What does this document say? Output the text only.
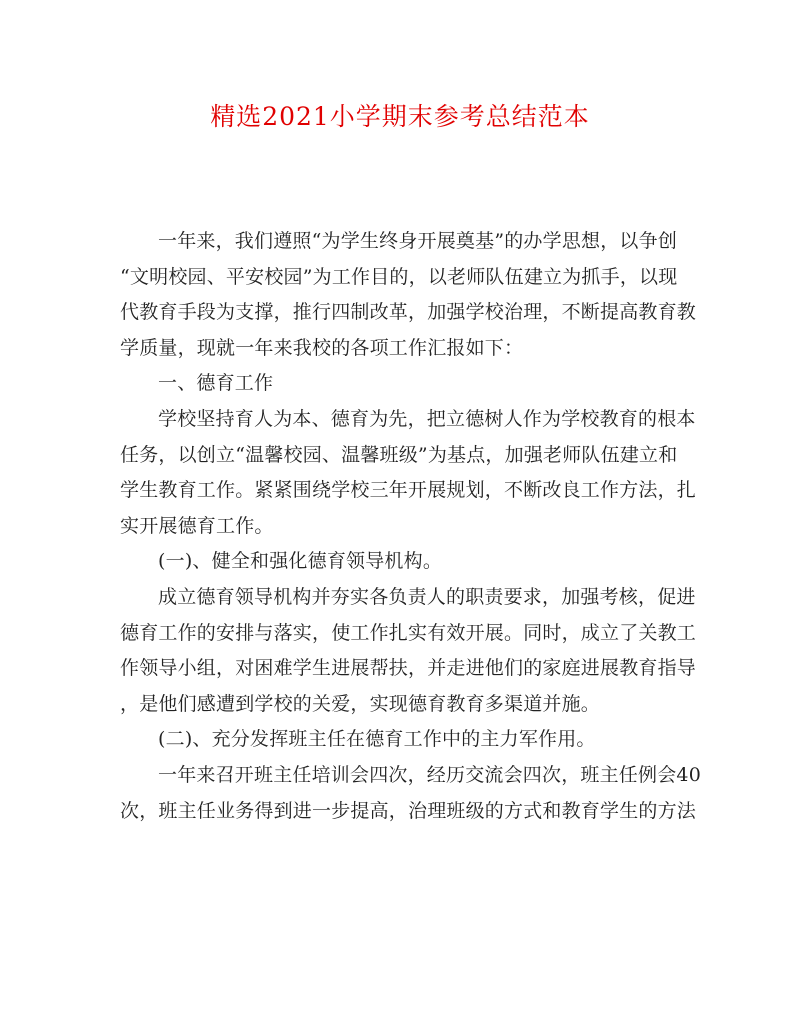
精选2021小学期末参考总结范本

一年来，我们遵照“为学生终身开展奠基”的办学思想，以争创

“文明校园、平安校园”为工作目的，以老师队伍建立为抓手，以现

代教育手段为支撑，推行四制改革，加强学校治理，不断提高教育教

学质量，现就一年来我校的各项工作汇报如下：

一、德育工作

学校坚持育人为本、德育为先，把立德树人作为学校教育的根本

任务，以创立“温馨校园、温馨班级”为基点，加强老师队伍建立和

学生教育工作。紧紧围绕学校三年开展规划，不断改良工作方法，扎

实开展德育工作。

(一)、健全和强化德育领导机构。

成立德育领导机构并夯实各负责人的职责要求，加强考核，促进

德育工作的安排与落实，使工作扎实有效开展。同时，成立了关教工

作领导小组，对困难学生进展帮扶，并走进他们的家庭进展教育指导

，是他们感遭到学校的关爱，实现德育教育多渠道并施。

(二)、充分发挥班主任在德育工作中的主力军作用。

一年来召开班主任培训会四次，经历交流会四次，班主任例会40

次，班主任业务得到进一步提高，治理班级的方式和教育学生的方法
